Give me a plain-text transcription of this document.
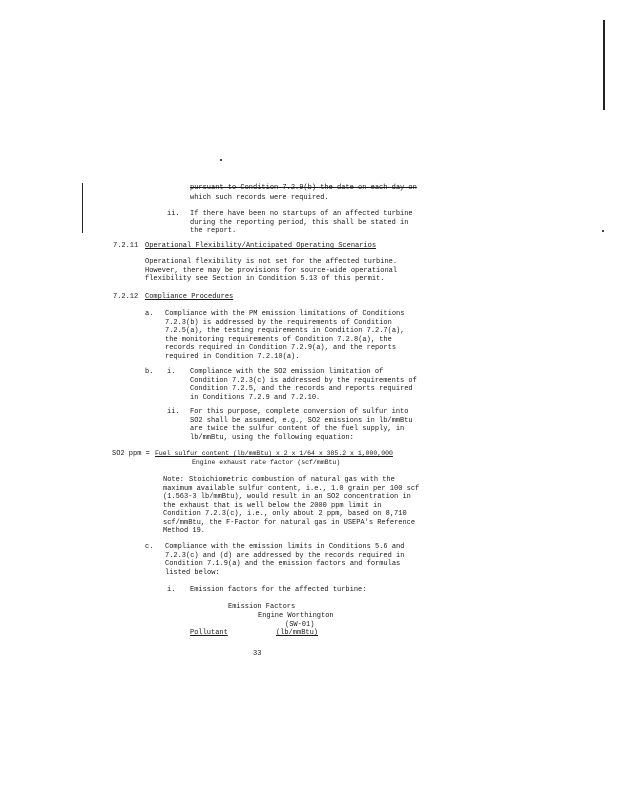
pursuant to Condition 7.2.9(b) the date on each day on
which such records were required.
ii. If there have been no startups of an affected turbine during the reporting period, this shall be stated in the report.
7.2.11 Operational Flexibility/Anticipated Operating Scenarios
Operational flexibility is not set for the affected turbine. However, there may be provisions for source-wide operational flexibility see Section in Condition 5.13 of this permit.
7.2.12 Compliance Procedures
a. Compliance with the PM emission limitations of Conditions 7.2.3(b) is addressed by the requirements of Condition 7.2.5(a), the testing requirements in Condition 7.2.7(a), the monitoring requirements of Condition 7.2.8(a), the records required in Condition 7.2.9(a), and the reports required in Condition 7.2.10(a).
b. i. Compliance with the SO2 emission limitation of Condition 7.2.3(c) is addressed by the requirements of Condition 7.2.5, and the records and reports required in Conditions 7.2.9 and 7.2.10.
ii. For this purpose, complete conversion of sulfur into SO2 shall be assumed, e.g., SO2 emissions in lb/mmBtu are twice the sulfur content of the fuel supply, in lb/mmBtu, using the following equation:
SO2 ppm = Fuel sulfur content (lb/mmBtu) x 2 x 1/64 x 385.2 x 1,000,000
Engine exhaust rate factor (scf/mmBtu)
Note: Stoichiometric combustion of natural gas with the maximum available sulfur content, i.e., 1.0 grain per 100 scf (1.563-3 lb/mmBtu), would result in an SO2 concentration in the exhaust that is well below the 2000 ppm limit in Condition 7.2.3(c), i.e., only about 2 ppm, based on 8,710 scf/mmBtu, the F-Factor for natural gas in USEPA's Reference Method 19.
c. Compliance with the emission limits in Conditions 5.6 and 7.2.3(c) and (d) are addressed by the records required in Condition 7.1.9(a) and the emission factors and formulas listed below:
i. Emission factors for the affected turbine:
Emission Factors
Engine Worthington
(SW-01)
Pollutant	(lb/mmBtu)
33
